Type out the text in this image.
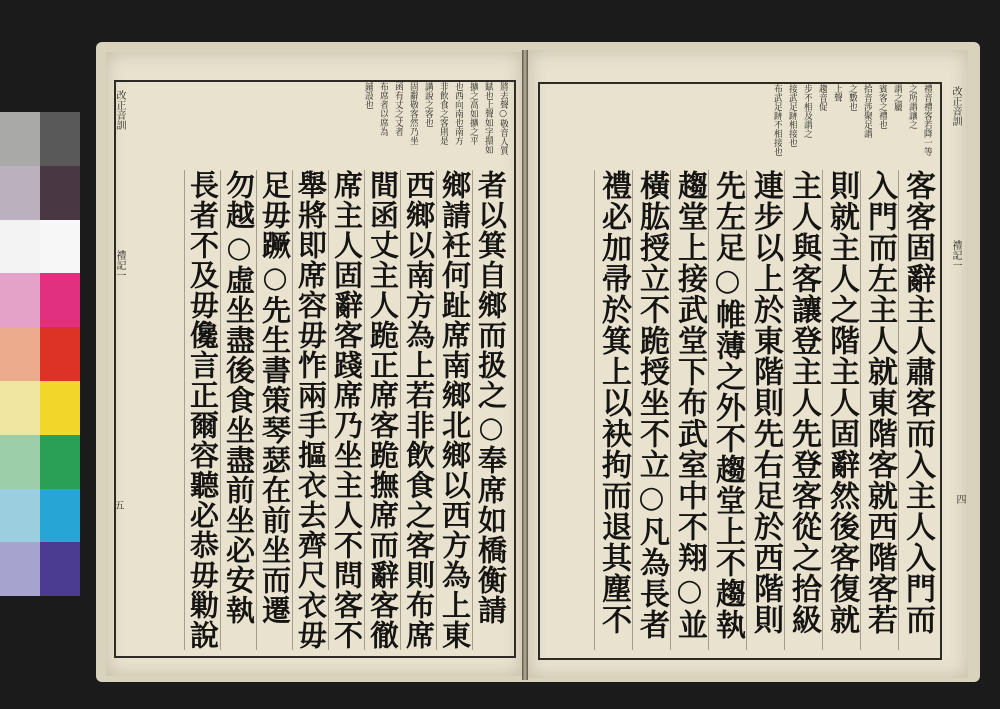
改正音訓
禮記一
五
改正音訓
禮記一
四
將去聲○敬音人質
賦也上聲如字擐如
擴之高如擴之平
也西向南也南方
非飲食之客則是
講說之客也
固辭敬客然乃坐
函有丈之丈者
布席者以席為
鋪設也	禮音禮客若降一等
之所謂讓之
謂之屬
賓客之禮也
拾音涉聚足謂
之數也
上聲
趨音促
步不相及謂之
接武足跡相接也
布武足跡不相接也
者以箕自鄉而扱之○奉席如橋衡請
鄉請衽何趾席南鄉北鄉以西方為上東
西鄉以南方為上若非飲食之客則布席
間函丈主人跪正席客跪撫席而辭客徹
席主人固辭客踐席乃坐主人不問客不
舉將即席容毋怍兩手摳衣去齊尺衣毋
足毋蹶○先生書策琴瑟在前坐而遷
勿越○虛坐盡後食坐盡前坐必安執
長者不及毋儳言正爾容聽必恭毋勦說
客客固辭主人肅客而入主人入門而
入門而左主人就東階客就西階客若
則就主人之階主人固辭然後客復就
主人與客讓登主人先登客從之拾級
連步以上於東階則先右足於西階則
先左足○帷薄之外不趨堂上不趨執
趨堂上接武堂下布武室中不翔○並
橫肱授立不跪授坐不立○凡為長者
禮必加帚於箕上以袂拘而退其塵不
